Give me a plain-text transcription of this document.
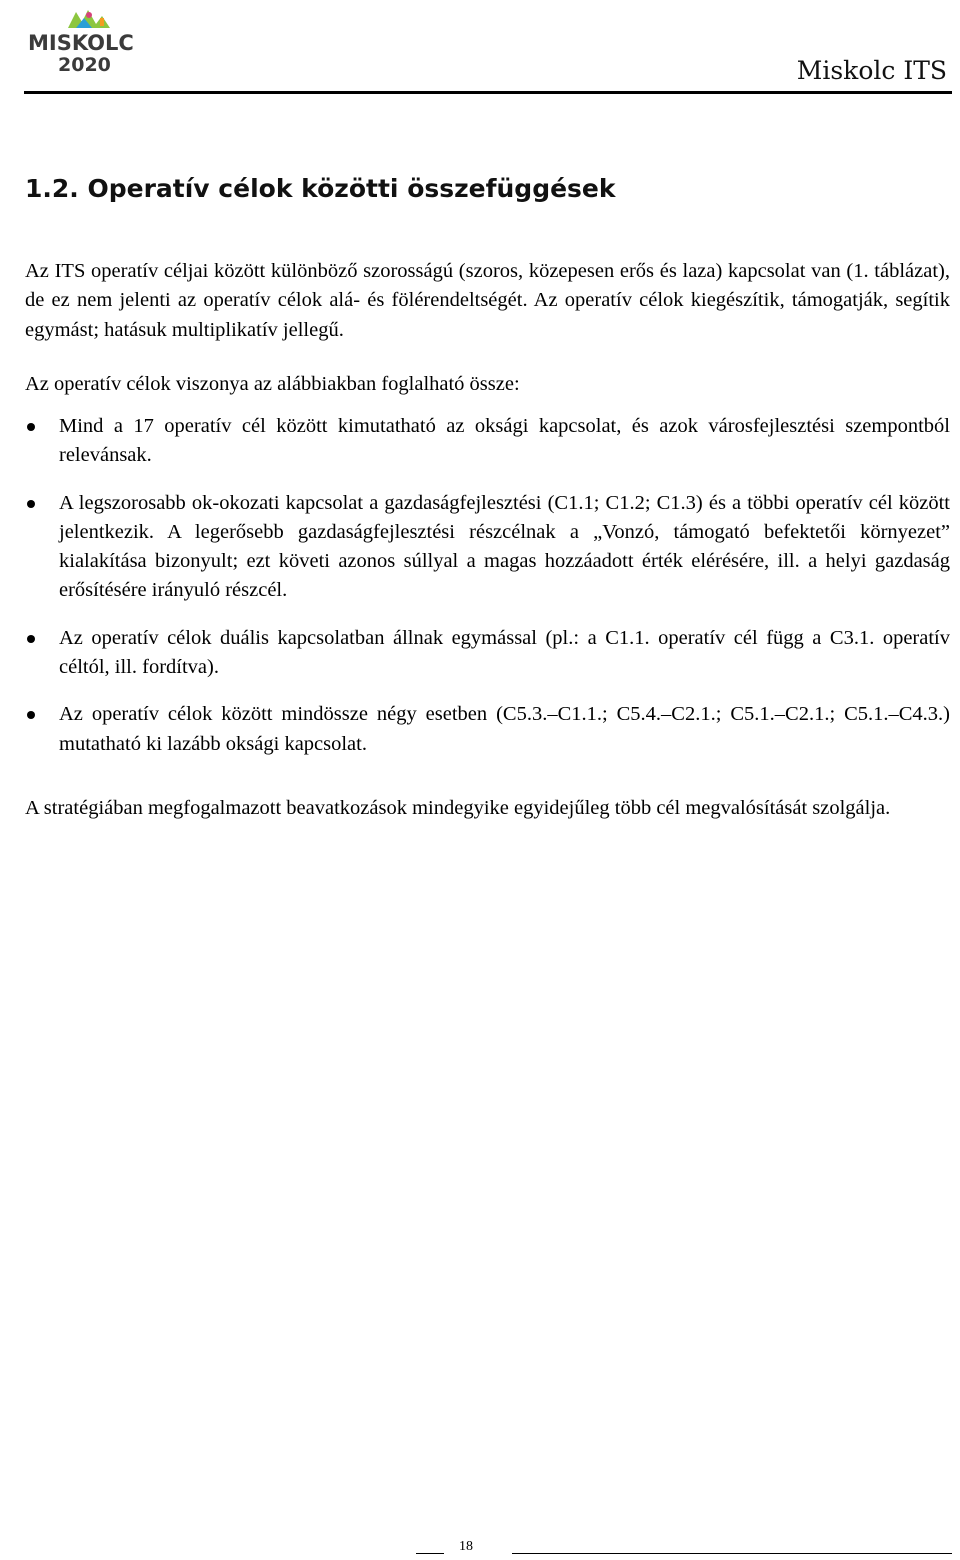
MISKOLC
2020	Miskolc ITS
1.2. Operatív célok közötti összefüggések

Az ITS operatív céljai között különböző szorosságú (szoros, közepesen erős és laza) kapcsolat van (1. táblázat), de ez nem jelenti az operatív célok alá- és fölérendeltségét. Az operatív célok kiegészítik, támogatják, segítik egymást; hatásuk multiplikatív jellegű.

Az operatív célok viszonya az alábbiakban foglalható össze:

Mind a 17 operatív cél között kimutatható az oksági kapcsolat, és azok városfejlesztési szempontból relevánsak.
A legszorosabb ok-okozati kapcsolat a gazdaságfejlesztési (C1.1; C1.2; C1.3) és a többi operatív cél között jelentkezik. A legerősebb gazdaságfejlesztési részcélnak a „Vonzó, támogató befektetői környezet” kialakítása bizonyult; ezt követi azonos súllyal a magas hozzáadott érték elérésére, ill. a helyi gazdaság erősítésére irányuló részcél.
Az operatív célok duális kapcsolatban állnak egymással (pl.: a C1.1. operatív cél függ a C3.1. operatív céltól, ill. fordítva).
Az operatív célok között mindössze négy esetben (C5.3.–C1.1.; C5.4.–C2.1.; C5.1.–C2.1.; C5.1.–C4.3.) mutatható ki lazább oksági kapcsolat.

A stratégiában megfogalmazott beavatkozások mindegyike egyidejűleg több cél megvalósítását szolgálja.

18
